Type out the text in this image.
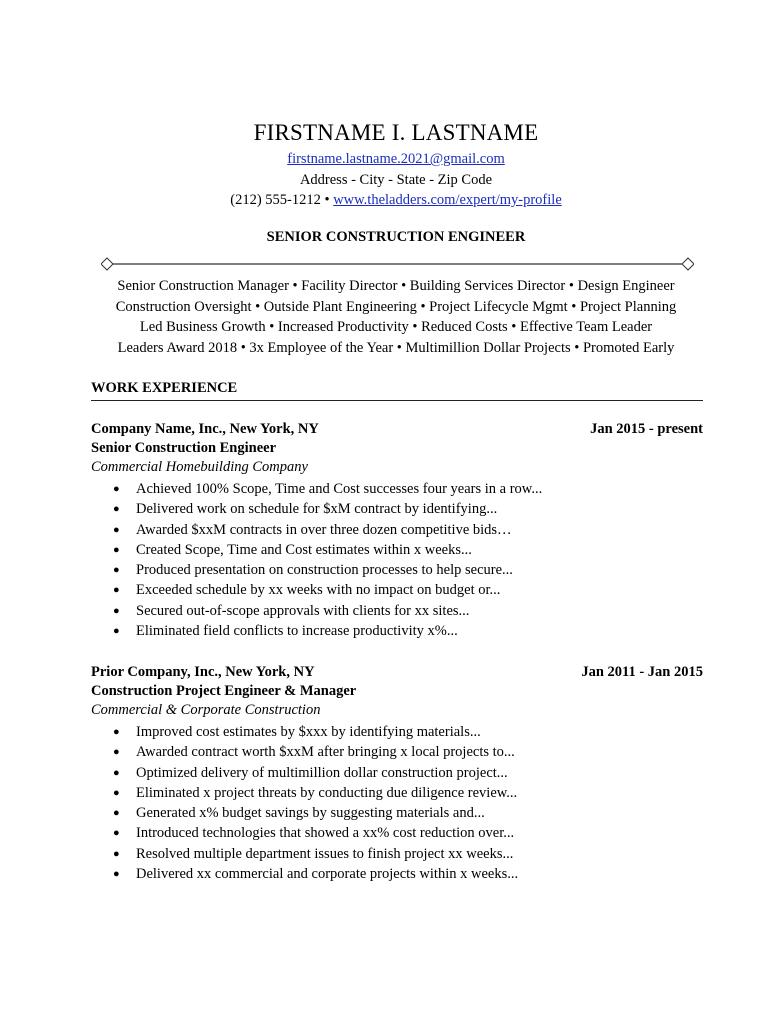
FIRSTNAME I. LASTNAME
firstname.lastname.2021@gmail.com
Address - City - State - Zip Code
(212) 555-1212 • www.theladders.com/expert/my-profile
SENIOR CONSTRUCTION ENGINEER
Senior Construction Manager • Facility Director • Building Services Director • Design Engineer
Construction Oversight • Outside Plant Engineering • Project Lifecycle Mgmt • Project Planning
Led Business Growth • Increased Productivity • Reduced Costs • Effective Team Leader
Leaders Award 2018 • 3x Employee of the Year • Multimillion Dollar Projects • Promoted Early
WORK EXPERIENCE
Company Name, Inc., New York, NY	Jan 2015 - present
Senior Construction Engineer
Commercial Homebuilding Company
● Achieved 100% Scope, Time and Cost successes four years in a row...
● Delivered work on schedule for $xM contract by identifying...
● Awarded $xxM contracts in over three dozen competitive bids…
● Created Scope, Time and Cost estimates within x weeks...
● Produced presentation on construction processes to help secure...
● Exceeded schedule by xx weeks with no impact on budget or...
● Secured out-of-scope approvals with clients for xx sites...
● Eliminated field conflicts to increase productivity x%...
Prior Company, Inc., New York, NY	Jan 2011 - Jan 2015
Construction Project Engineer & Manager
Commercial & Corporate Construction
● Improved cost estimates by $xxx by identifying materials...
● Awarded contract worth $xxM after bringing x local projects to...
● Optimized delivery of multimillion dollar construction project...
● Eliminated x project threats by conducting due diligence review...
● Generated x% budget savings by suggesting materials and...
● Introduced technologies that showed a xx% cost reduction over...
● Resolved multiple department issues to finish project xx weeks...
● Delivered xx commercial and corporate projects within x weeks...
